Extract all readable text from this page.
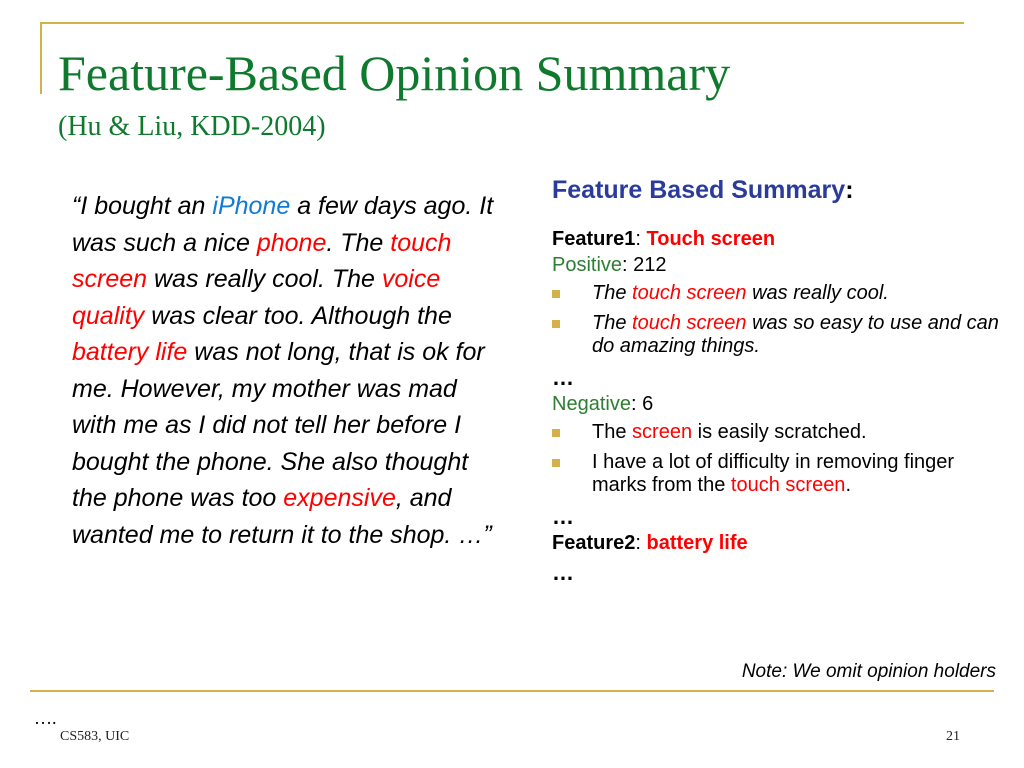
Feature-Based Opinion Summary
(Hu & Liu, KDD-2004)

“I bought an iPhone a few days ago. It was such a nice phone. The touch screen was really cool. The voice quality was clear too. Although the battery life was not long, that is ok for me. However, my mother was mad with me as I did not tell her before I bought the phone. She also thought the phone was too expensive, and wanted me to return it to the shop. …”

Feature Based Summary:
Feature1: Touch screen
Positive: 212
The touch screen was really cool.
The touch screen was so easy to use and can do amazing things.
…
Negative: 6
The screen is easily scratched.
I have a lot of difficulty in removing finger marks from the touch screen.
…
Feature2: battery life
…

Note: We omit opinion holders

….
CS583, UIC	21
